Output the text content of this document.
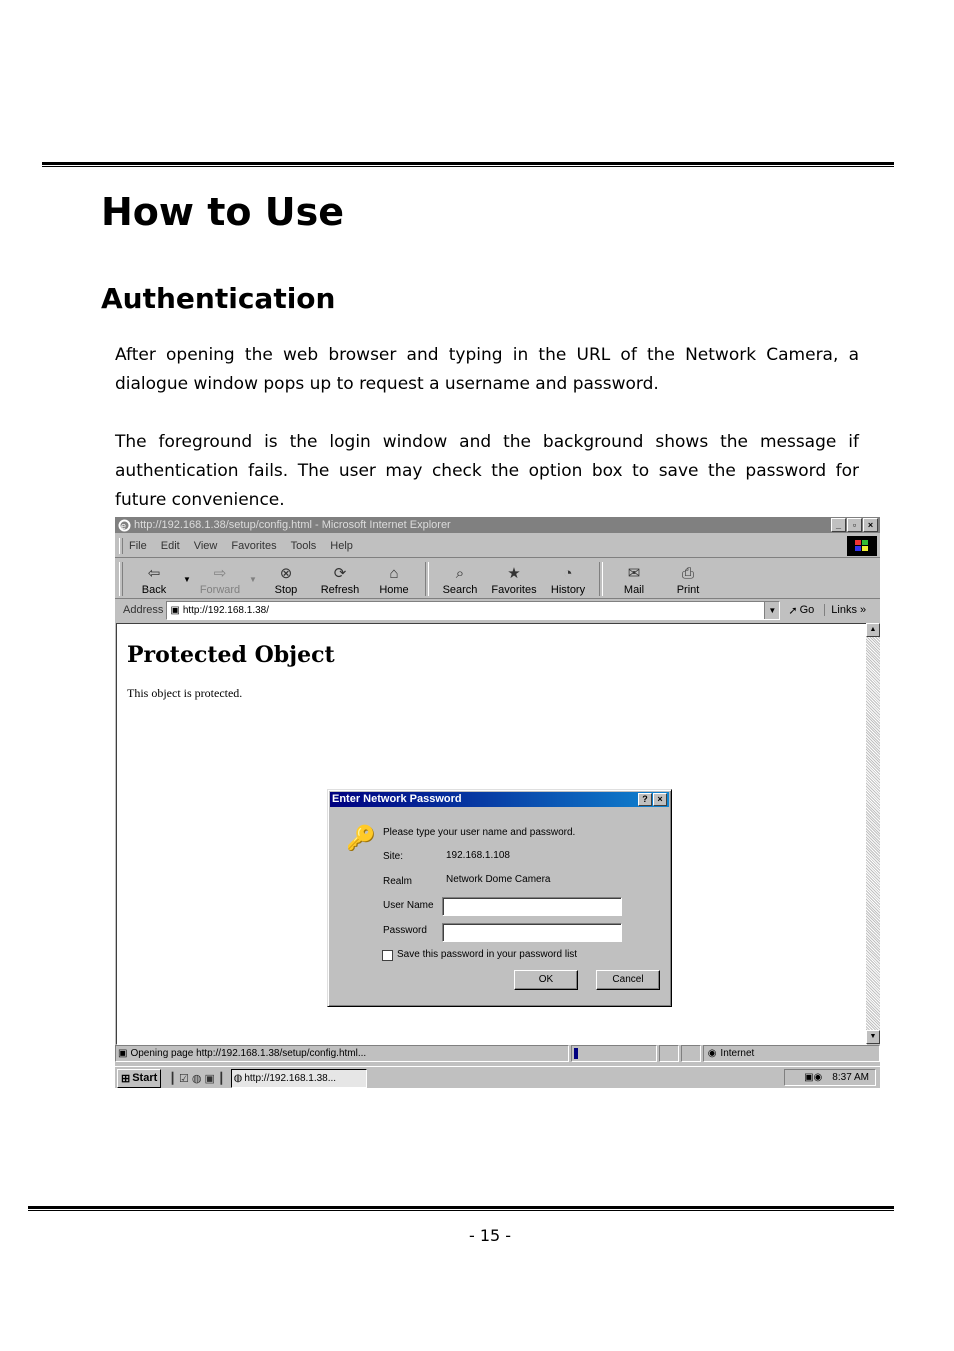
How to Use
Authentication

After opening the web browser and typing in the URL of the Network Camera, a dialogue window pops up to request a username and password.

The foreground is the login window and the background shows the message if authentication fails. The user may check the option box to save the password for future convenience.

e http://192.168.1.38/setup/config.html - Microsoft Internet Explorer	_	▫	×
File Edit View Favorites Tools Help
⇦
Back
▼ ⇨
Forward
▼ ⊗
Stop
⟳
Refresh
⌂
Home
⌕
Search
★
Favorites
◔
History
✉
Mail
⎙
Print
Address ▣ http://192.168.1.38/	▼ ➚ Go	Links »
Protected Object
This object is protected.
Enter Network Password	?	×
🔑 Please type your user name and password.
Site:	192.168.1.108
Realm	Network Dome Camera
User Name
Password
Save this password in your password list
OK	Cancel
▲
▼
▣ Opening page http://192.168.1.38/setup/config.html...	◉ Internet
⊞ Start ┃ ☑ ◍ ▣ ┃ ◍ http://192.168.1.38...	▣◉ 8:37 AM
- 15 -
